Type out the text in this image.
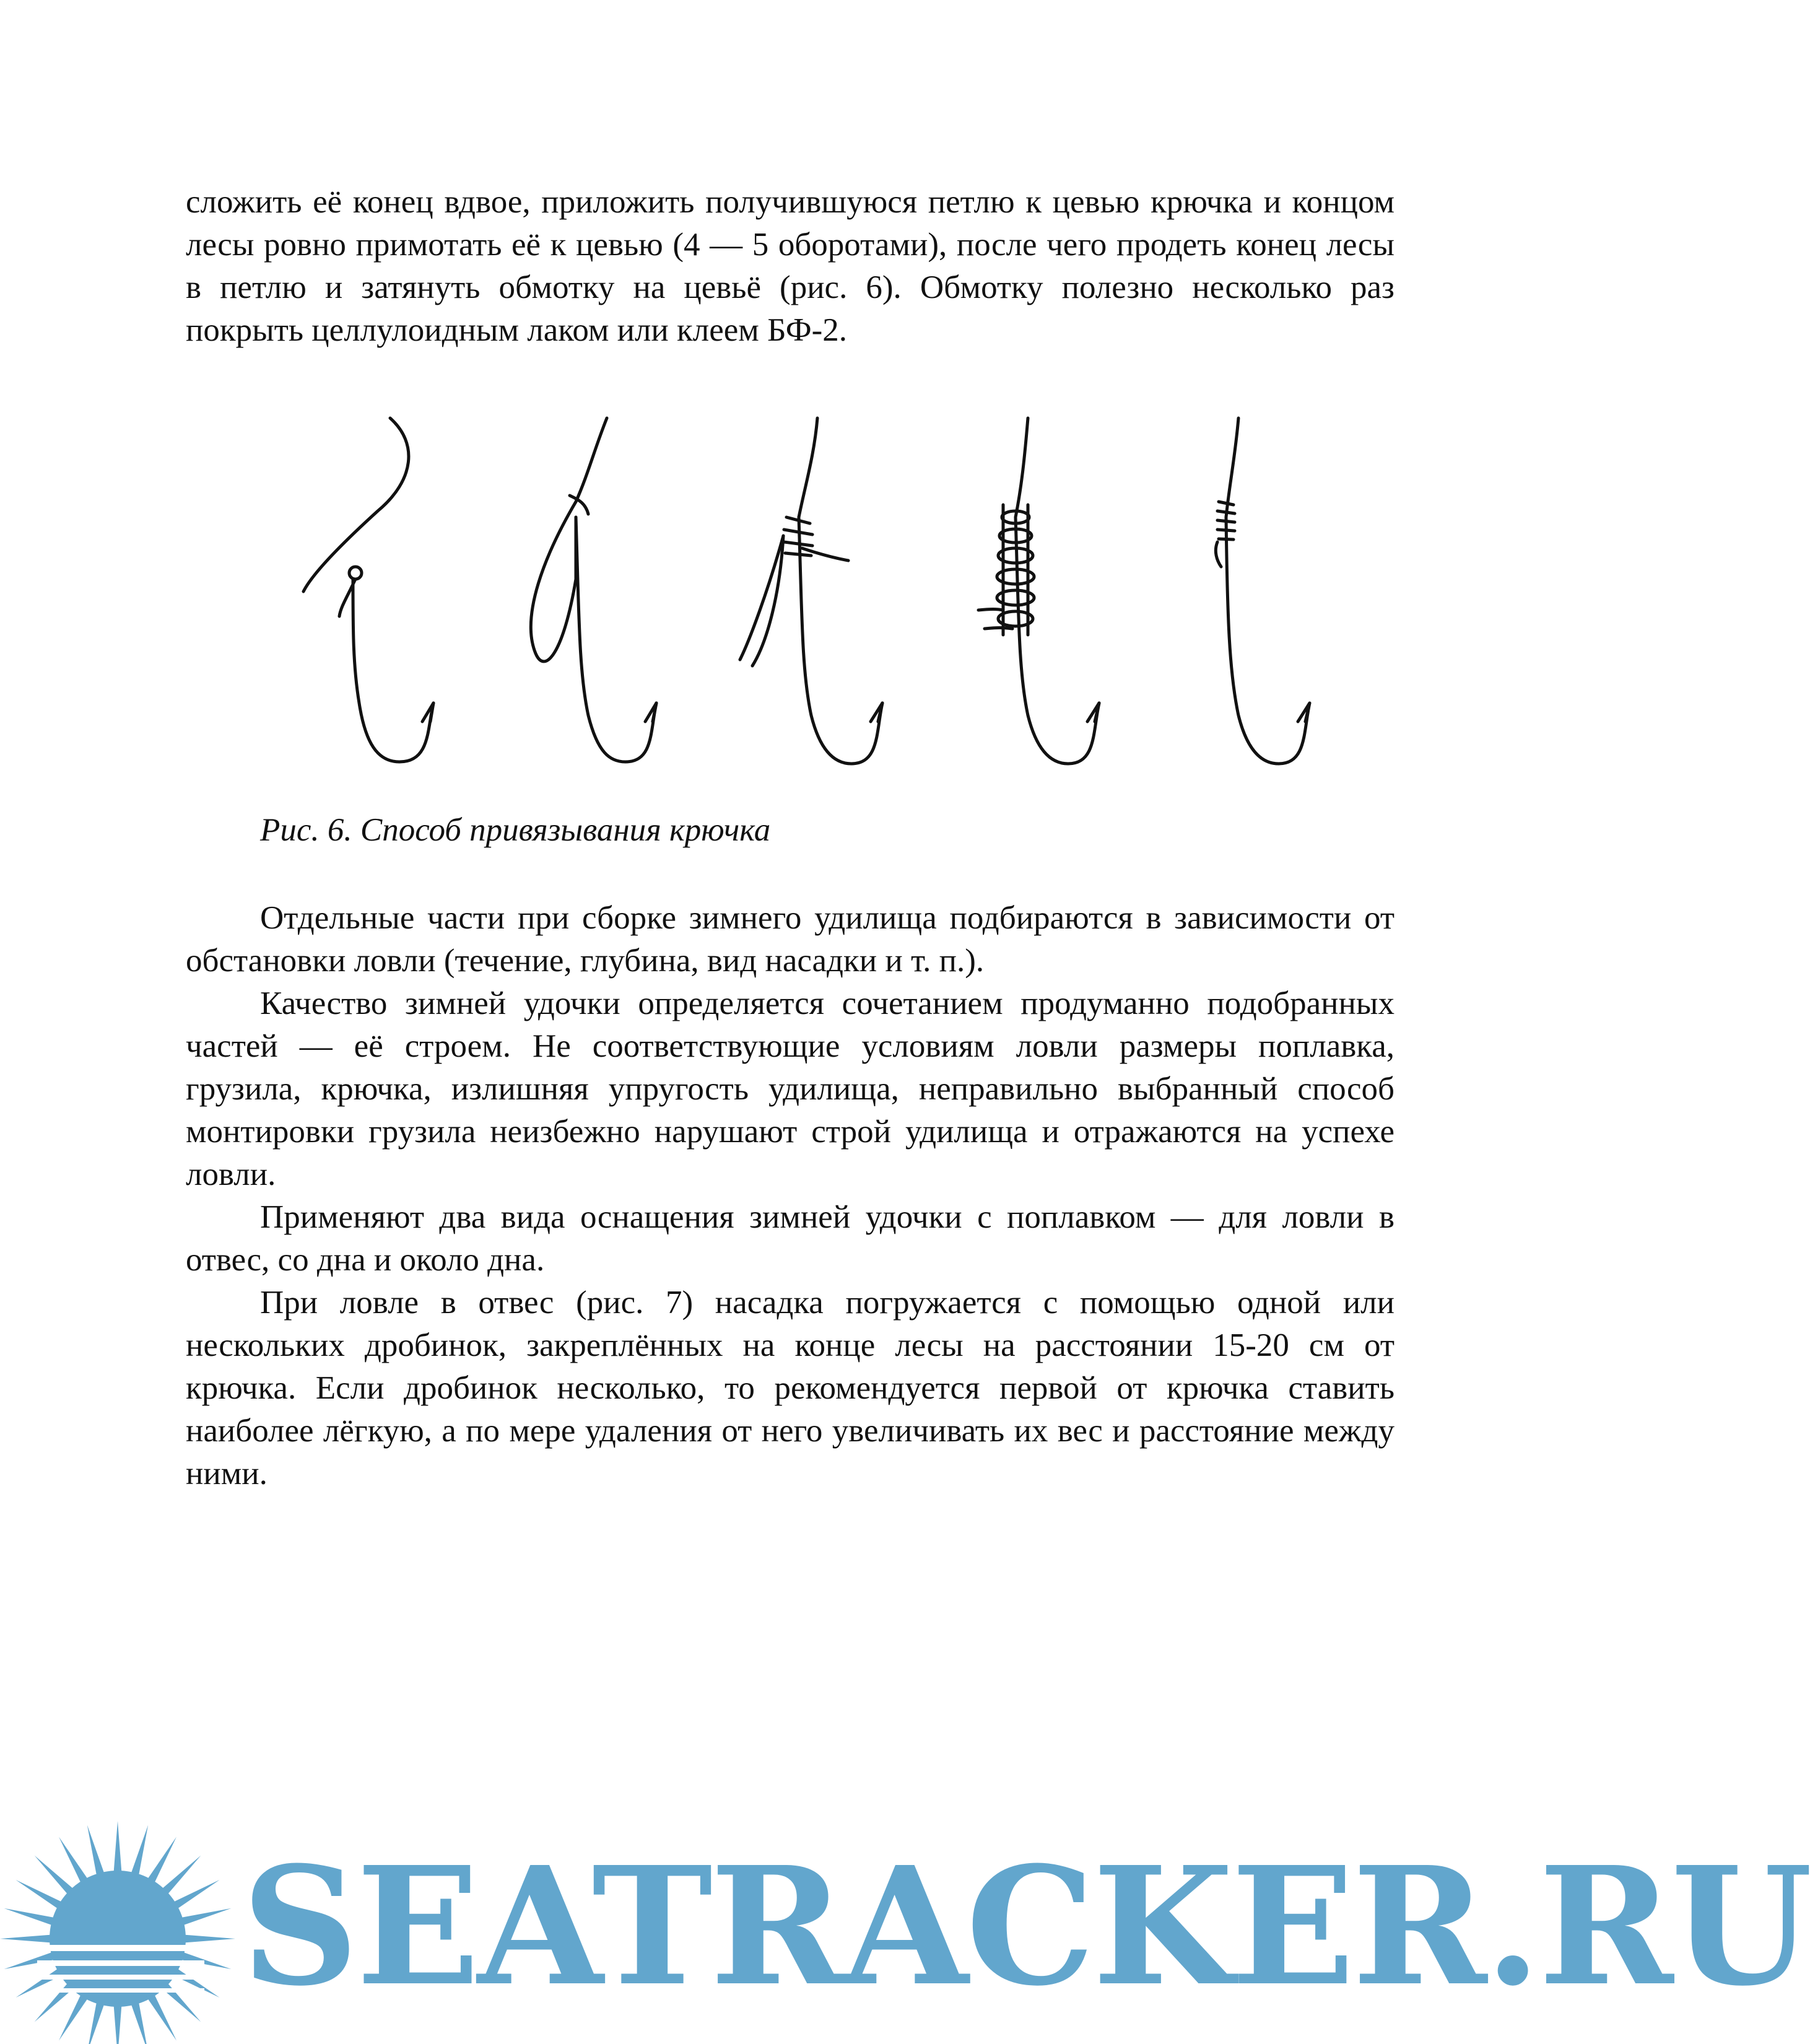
сложить её конец вдвое, приложить получившуюся петлю к цевью крючка и концом лесы ровно примотать её к цевью (4 — 5 оборотами), после чего продеть конец лесы в петлю и затянуть обмотку на цевьё (рис. 6). Обмотку полезно несколько раз покрыть целлулоидным лаком или клеем БФ-2.

Рис. 6. Способ привязывания крючка

Отдельные части при сборке зимнего удилища подбираются в зависимости от обстановки ловли (течение, глубина, вид насадки и т. п.).

Качество зимней удочки определяется сочетанием продуманно подобранных частей — её строем. Не соответствующие условиям ловли размеры поплавка, грузила, крючка, излишняя упругость удилища, неправильно выбранный способ монтировки грузила неизбежно нарушают строй удилища и отражаются на успехе ловли.

Применяют два вида оснащения зимней удочки с поплавком — для ловли в отвес, со дна и около дна.

При ловле в отвес (рис. 7) насадка погружается с помощью одной или нескольких дробинок, закреплённых на конце лесы на расстоянии 15-20 см от крючка. Если дробинок несколько, то рекомендуется первой от крючка ставить наиболее лёгкую, а по мере удаления от него увеличивать их вес и расстояние между ними.

SEATRACKER.RU
